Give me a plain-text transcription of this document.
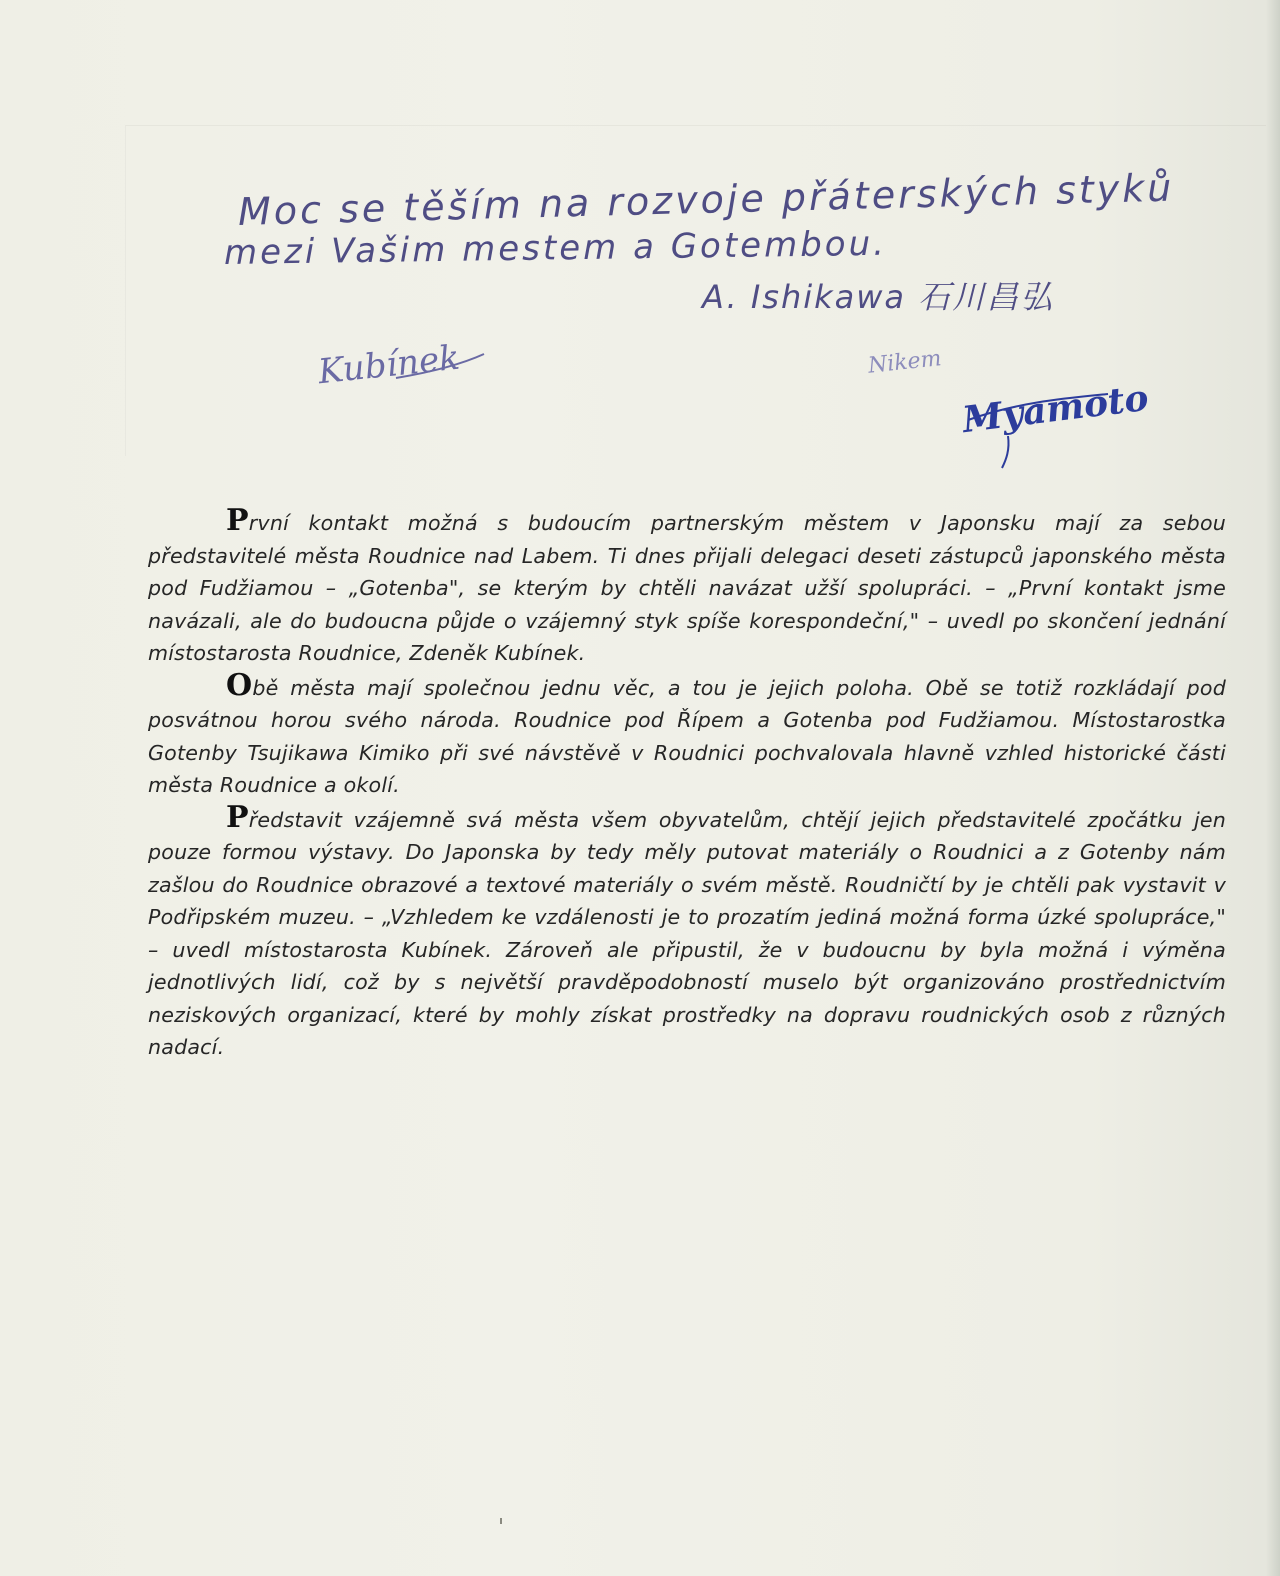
Moc se těším na rozvoje přáterských styků
mezi Vašim mestem a Gotembou.
A. Ishikawa 石川昌弘
Kubínek	Nikem
Myamoto

První kontakt možná s budoucím partnerským městem v Japonsku mají za sebou představitelé města Roudnice nad Labem. Ti dnes přijali delegaci deseti zástupců japonského města pod Fudžiamou – „Gotenba", se kterým by chtěli navázat užší spolupráci. – „První kontakt jsme navázali, ale do budoucna půjde o vzájemný styk spíše korespondeční," – uvedl po skončení jednání místostarosta Roudnice, Zdeněk Kubínek.

Obě města mají společnou jednu věc, a tou je jejich poloha. Obě se totiž rozkládají pod posvátnou horou svého národa. Roudnice pod Řípem a Gotenba pod Fudžiamou. Místostarostka Gotenby Tsujikawa Kimiko při své návstěvě v Roudnici pochvalovala hlavně vzhled historické části města Roudnice a okolí.

Představit vzájemně svá města všem obyvatelům, chtějí jejich představitelé zpočátku jen pouze formou výstavy. Do Japonska by tedy měly putovat materiály o Roudnici a z Gotenby nám zašlou do Roudnice obrazové a textové materiály o svém městě. Roudničtí by je chtěli pak vystavit v Podřipském muzeu. – „Vzhledem ke vzdálenosti je to prozatím jediná možná forma úzké spolupráce," – uvedl místostarosta Kubínek. Zároveň ale připustil, že v budoucnu by byla možná i výměna jednotlivých lidí, což by s největší pravděpodobností muselo být organizováno prostřednictvím neziskových organizací, které by mohly získat prostředky na dopravu roudnických osob z různých nadací.
